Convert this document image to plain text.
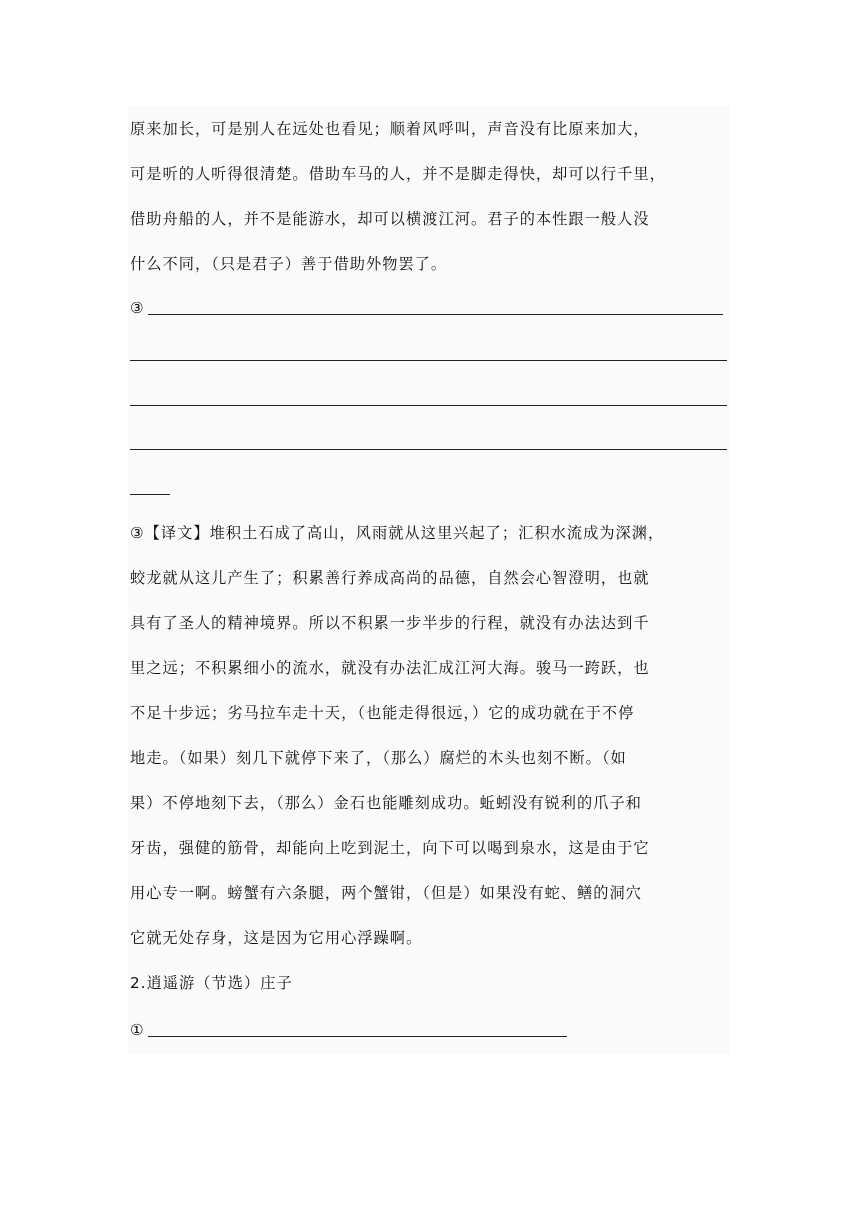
原来加长，可是别人在远处也看见；顺着风呼叫，声音没有比原来加大，
可是听的人听得很清楚。借助车马的人，并不是脚走得快，却可以行千里，
借助舟船的人，并不是能游水，却可以横渡江河。君子的本性跟一般人没
什么不同，（只是君子）善于借助外物罢了。
③
③【译文】堆积土石成了高山，风雨就从这里兴起了；汇积水流成为深渊，
蛟龙就从这儿产生了；积累善行养成高尚的品德，自然会心智澄明，也就
具有了圣人的精神境界。所以不积累一步半步的行程，就没有办法达到千
里之远；不积累细小的流水，就没有办法汇成江河大海。骏马一跨跃，也
不足十步远；劣马拉车走十天，（也能走得很远，）它的成功就在于不停
地走。（如果）刻几下就停下来了，（那么）腐烂的木头也刻不断。（如
果）不停地刻下去，（那么）金石也能雕刻成功。蚯蚓没有锐利的爪子和
牙齿，强健的筋骨，却能向上吃到泥土，向下可以喝到泉水，这是由于它
用心专一啊。螃蟹有六条腿，两个蟹钳，（但是）如果没有蛇、鳝的洞穴
它就无处存身，这是因为它用心浮躁啊。
2.逍遥游（节选）庄子
①
